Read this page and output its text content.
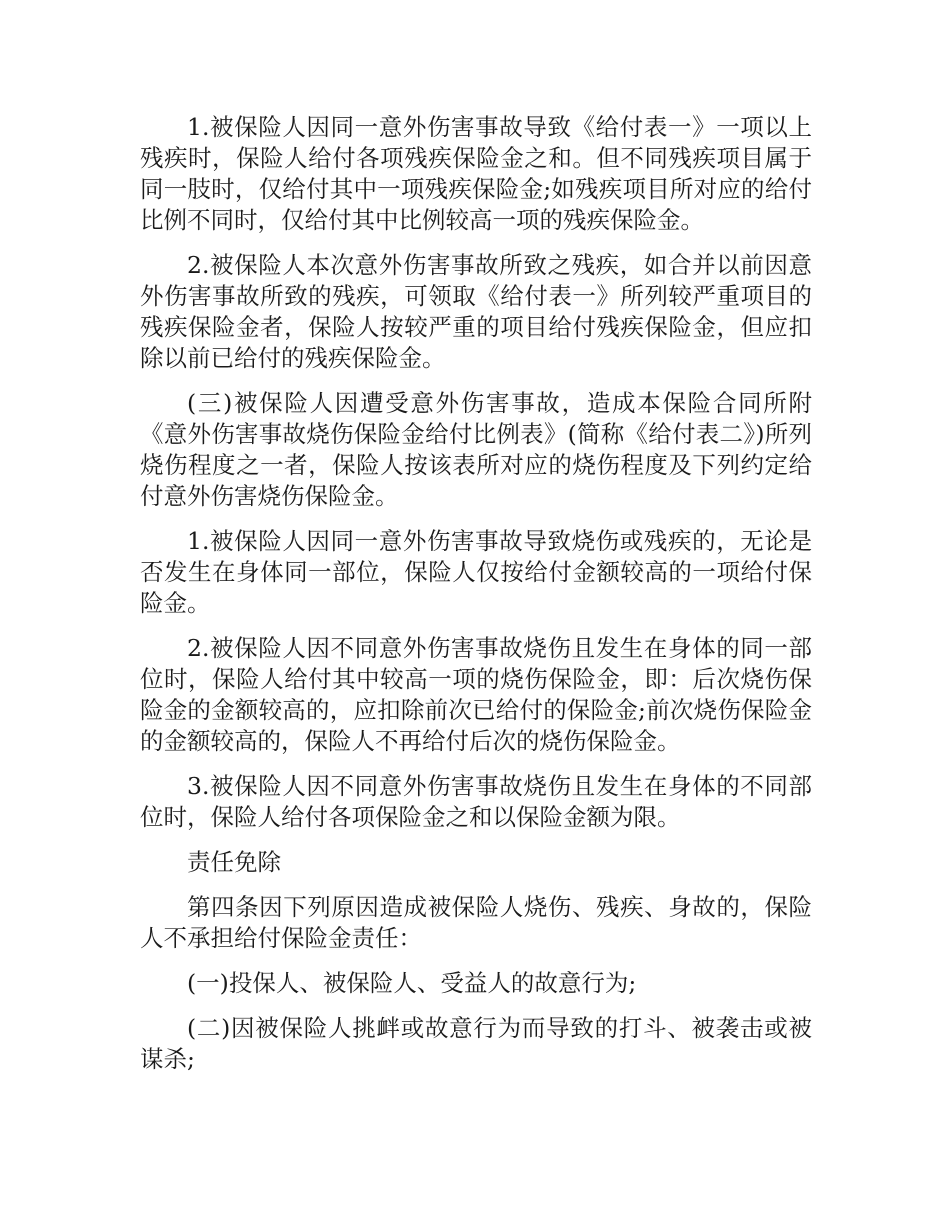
1.被保险人因同一意外伤害事故导致《给付表一》一项以上残疾时，保险人给付各项残疾保险金之和。但不同残疾项目属于同一肢时，仅给付其中一项残疾保险金;如残疾项目所对应的给付比例不同时，仅给付其中比例较高一项的残疾保险金。

2.被保险人本次意外伤害事故所致之残疾，如合并以前因意外伤害事故所致的残疾，可领取《给付表一》所列较严重项目的残疾保险金者，保险人按较严重的项目给付残疾保险金，但应扣除以前已给付的残疾保险金。

(三)被保险人因遭受意外伤害事故，造成本保险合同所附《意外伤害事故烧伤保险金给付比例表》(简称《给付表二》)所列烧伤程度之一者，保险人按该表所对应的烧伤程度及下列约定给付意外伤害烧伤保险金。

1.被保险人因同一意外伤害事故导致烧伤或残疾的，无论是否发生在身体同一部位，保险人仅按给付金额较高的一项给付保险金。

2.被保险人因不同意外伤害事故烧伤且发生在身体的同一部位时，保险人给付其中较高一项的烧伤保险金，即：后次烧伤保险金的金额较高的，应扣除前次已给付的保险金;前次烧伤保险金的金额较高的，保险人不再给付后次的烧伤保险金。

3.被保险人因不同意外伤害事故烧伤且发生在身体的不同部位时，保险人给付各项保险金之和以保险金额为限。

责任免除

第四条因下列原因造成被保险人烧伤、残疾、身故的，保险人不承担给付保险金责任：

(一)投保人、被保险人、受益人的故意行为;

(二)因被保险人挑衅或故意行为而导致的打斗、被袭击或被谋杀;
